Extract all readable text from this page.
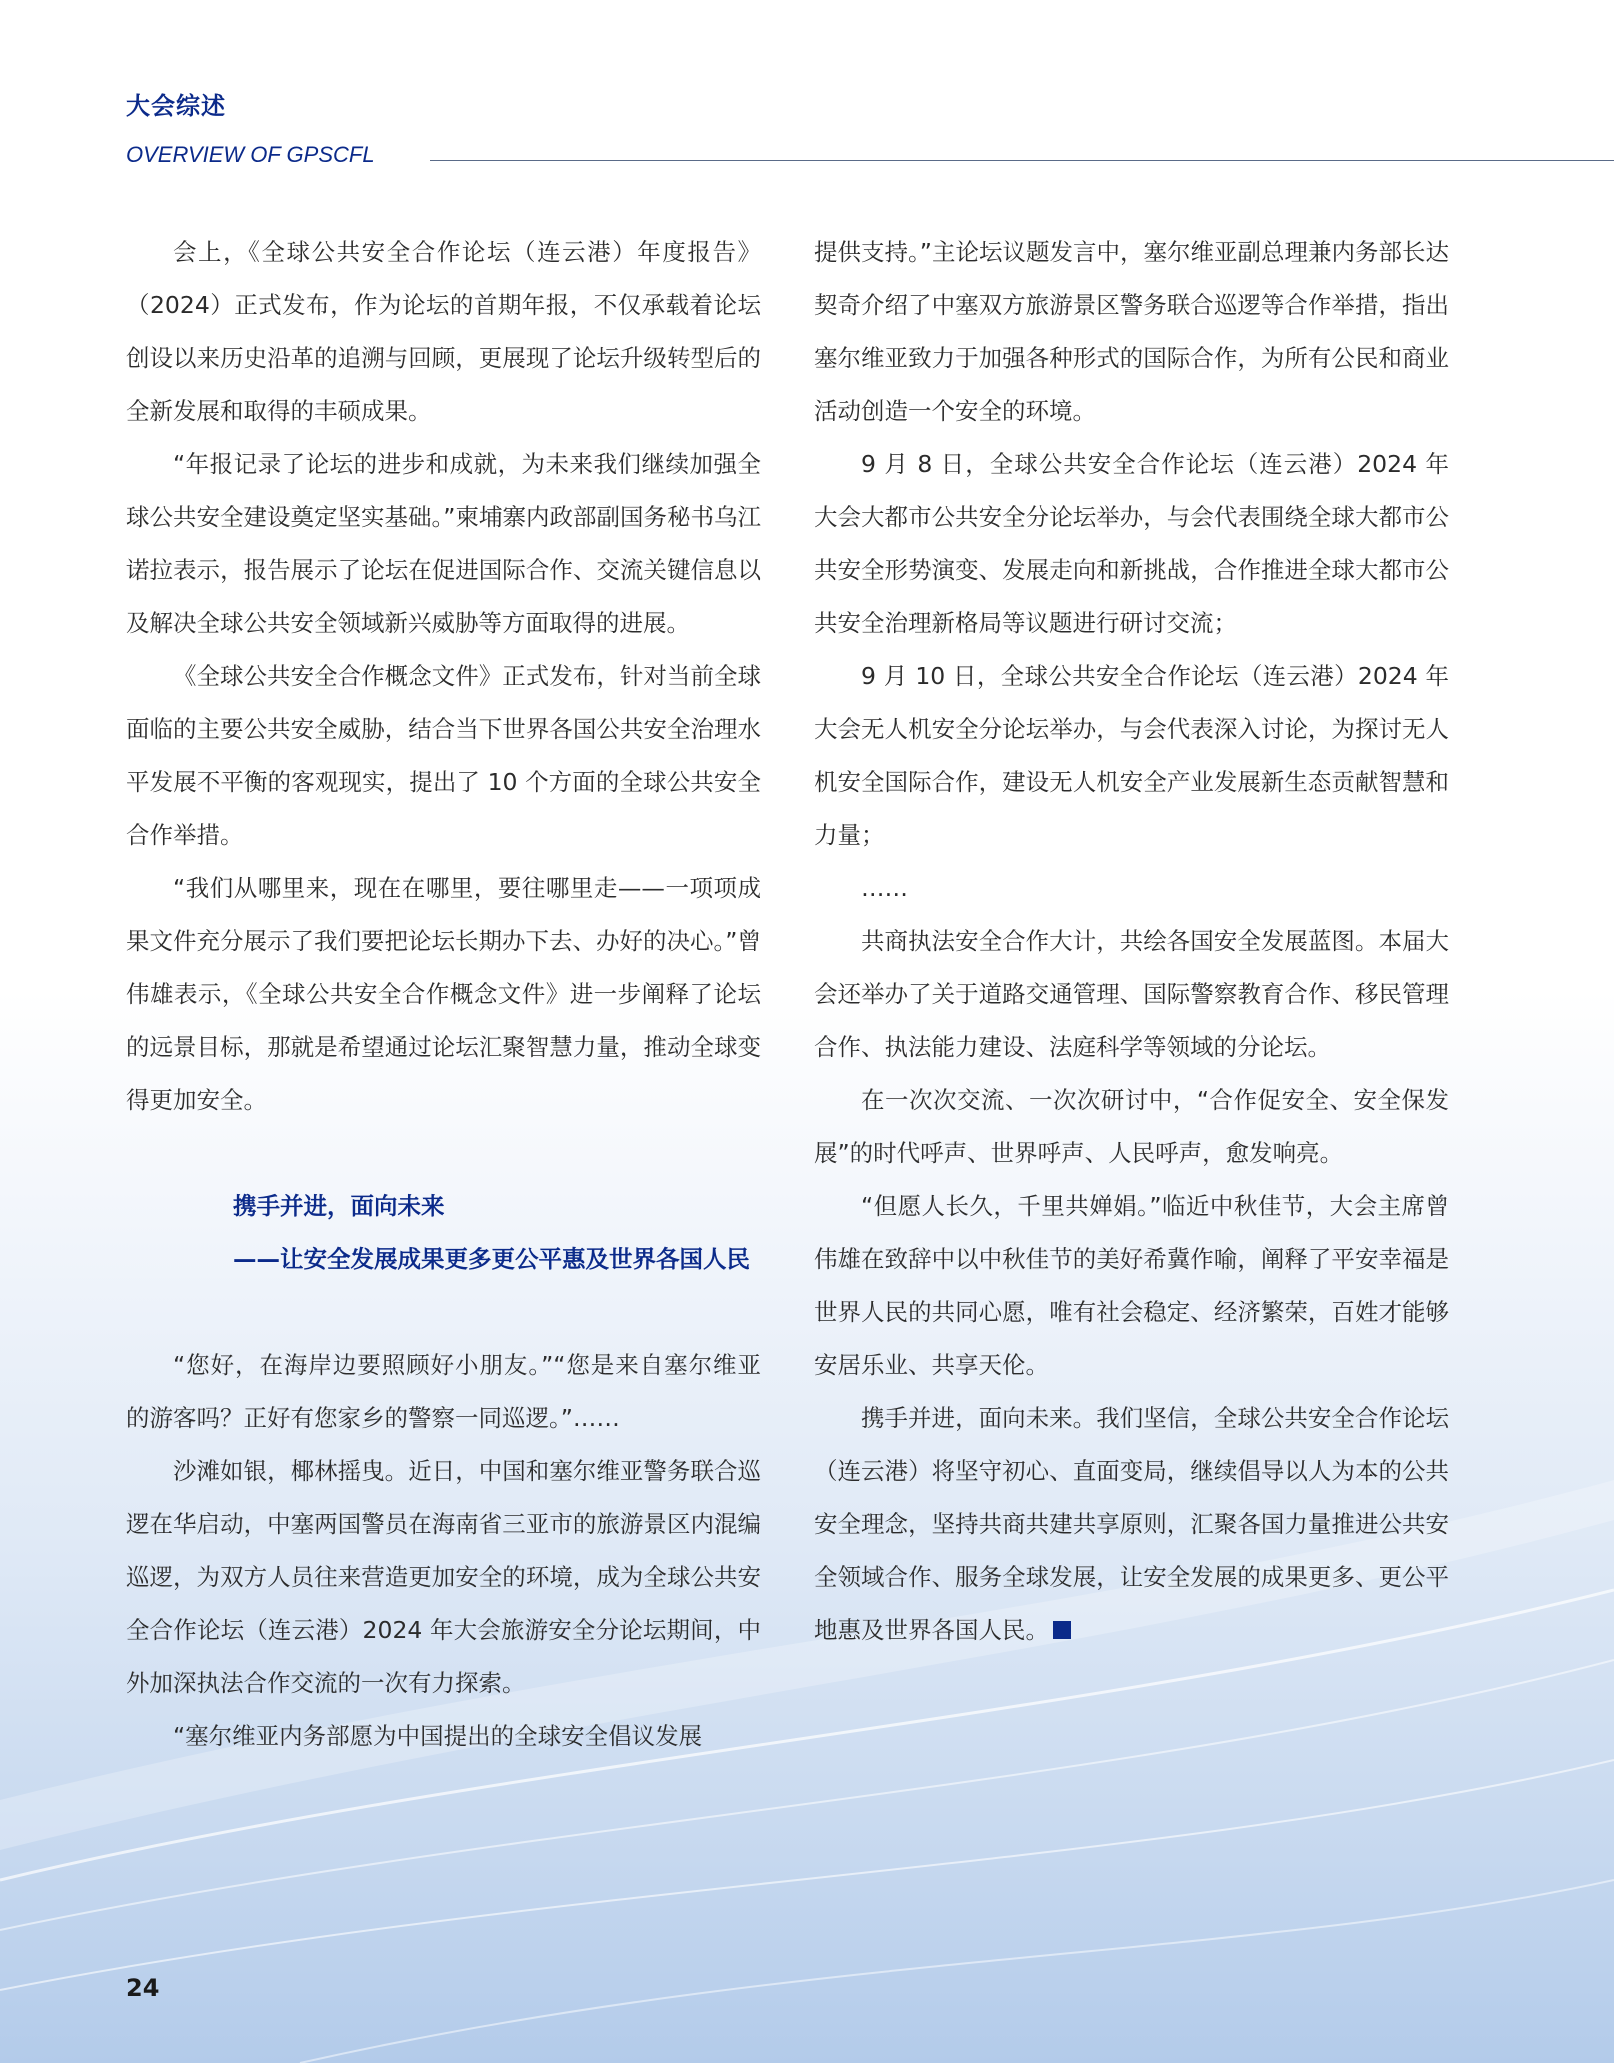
大会综述
OVERVIEW OF GPSCFL

会上，《全球公共安全合作论坛（连云港）年度报告》（2024）正式发布，作为论坛的首期年报，不仅承载着论坛创设以来历史沿革的追溯与回顾，更展现了论坛升级转型后的全新发展和取得的丰硕成果。

“年报记录了论坛的进步和成就，为未来我们继续加强全球公共安全建设奠定坚实基础。”柬埔寨内政部副国务秘书乌江诺拉表示，报告展示了论坛在促进国际合作、交流关键信息以及解决全球公共安全领域新兴威胁等方面取得的进展。

《全球公共安全合作概念文件》正式发布，针对当前全球面临的主要公共安全威胁，结合当下世界各国公共安全治理水平发展不平衡的客观现实，提出了 10 个方面的全球公共安全合作举措。

“我们从哪里来，现在在哪里，要往哪里走——一项项成果文件充分展示了我们要把论坛长期办下去、办好的决心。”曾伟雄表示，《全球公共安全合作概念文件》进一步阐释了论坛的远景目标，那就是希望通过论坛汇聚智慧力量，推动全球变得更加安全。

携手并进，面向未来

——让安全发展成果更多更公平惠及世界各国人民

“您好，在海岸边要照顾好小朋友。”“您是来自塞尔维亚的游客吗？正好有您家乡的警察一同巡逻。”……

沙滩如银，椰林摇曳。近日，中国和塞尔维亚警务联合巡逻在华启动，中塞两国警员在海南省三亚市的旅游景区内混编巡逻，为双方人员往来营造更加安全的环境，成为全球公共安全合作论坛（连云港）2024 年大会旅游安全分论坛期间，中外加深执法合作交流的一次有力探索。

“塞尔维亚内务部愿为中国提出的全球安全倡议发展

提供支持。”主论坛议题发言中，塞尔维亚副总理兼内务部长达契奇介绍了中塞双方旅游景区警务联合巡逻等合作举措，指出塞尔维亚致力于加强各种形式的国际合作，为所有公民和商业活动创造一个安全的环境。

9 月 8 日，全球公共安全合作论坛（连云港）2024 年大会大都市公共安全分论坛举办，与会代表围绕全球大都市公共安全形势演变、发展走向和新挑战，合作推进全球大都市公共安全治理新格局等议题进行研讨交流；

9 月 10 日，全球公共安全合作论坛（连云港）2024 年大会无人机安全分论坛举办，与会代表深入讨论，为探讨无人机安全国际合作，建设无人机安全产业发展新生态贡献智慧和力量；

……

共商执法安全合作大计，共绘各国安全发展蓝图。本届大会还举办了关于道路交通管理、国际警察教育合作、移民管理合作、执法能力建设、法庭科学等领域的分论坛。

在一次次交流、一次次研讨中，“合作促安全、安全保发展”的时代呼声、世界呼声、人民呼声，愈发响亮。

“但愿人长久，千里共婵娟。”临近中秋佳节，大会主席曾伟雄在致辞中以中秋佳节的美好希冀作喻，阐释了平安幸福是世界人民的共同心愿，唯有社会稳定、经济繁荣，百姓才能够安居乐业、共享天伦。

携手并进，面向未来。我们坚信，全球公共安全合作论坛（连云港）将坚守初心、直面变局，继续倡导以人为本的公共安全理念，坚持共商共建共享原则，汇聚各国力量推进公共安全领域合作、服务全球发展，让安全发展的成果更多、更公平地惠及世界各国人民。

24
